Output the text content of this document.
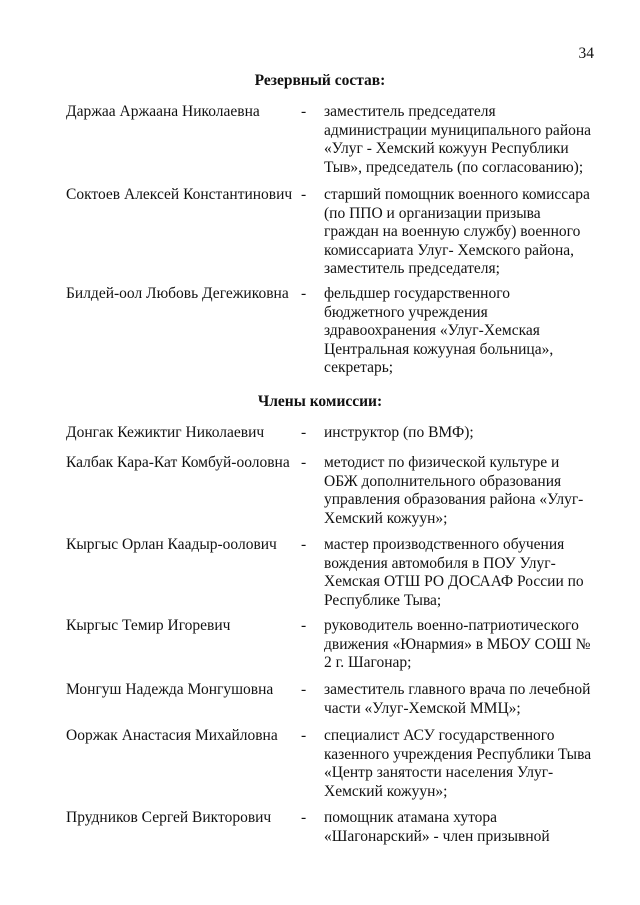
34
Резервный состав:
Даржаа Аржаана Николаевна	- заместитель председателя администрации муниципального района «Улуг - Хемский кожуун Республики Тыв», председатель (по согласованию);
Соктоев Алексей Константинович - старший помощник военного комиссара (по ППО и организации призыва граждан на военную службу) военного комиссариата Улуг- Хемского района, заместитель председателя;
Билдей-оол Любовь Дегежиковна - фельдшер государственного бюджетного учреждения здравоохранения «Улуг-Хемская Центральная кожууная больница», секретарь;
Члены комиссии:
Донгак Кежиктиг Николаевич - инструктор (по ВМФ);
Калбак Кара-Кат Комбуй-ооловна - методист по физической культуре и ОБЖ дополнительного образования управления образования района «Улуг-Хемский кожуун»;
Кыргыс Орлан Каадыр-оолович - мастер производственного обучения вождения автомобиля в ПОУ Улуг-Хемская ОТШ РО ДОСААФ России по Республике Тыва;
Кыргыс Темир Игоревич	- руководитель военно-патриотического движения «Юнармия» в МБОУ СОШ № 2 г. Шагонар;
Монгуш Надежда Монгушовна - заместитель главного врача по лечебной части «Улуг-Хемской ММЦ»;
Ооржак Анастасия Михайловна - специалист АСУ государственного казенного учреждения Республики Тыва «Центр занятости населения Улуг-Хемский кожуун»;
Прудников Сергей Викторович - помощник атамана хутора «Шагонарский» - член призывной
